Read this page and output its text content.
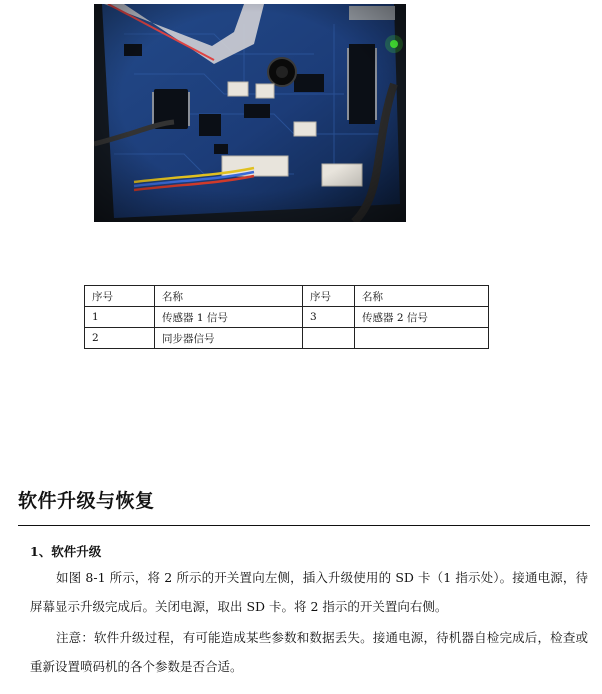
序号	名称	序号	名称
1	传感器 1 信号	3	传感器 2 信号
2	同步器信号		
软件升级与恢复
1、软件升级

如图 8-1 所示，将 2 所示的开关置向左侧，插入升级使用的 SD 卡（1 指示处）。接通电源，待屏幕显示升级完成后。关闭电源，取出 SD 卡。将 2 指示的开关置向右侧。

注意：软件升级过程，有可能造成某些参数和数据丢失。接通电源，待机器自检完成后，检查或重新设置喷码机的各个参数是否合适。
